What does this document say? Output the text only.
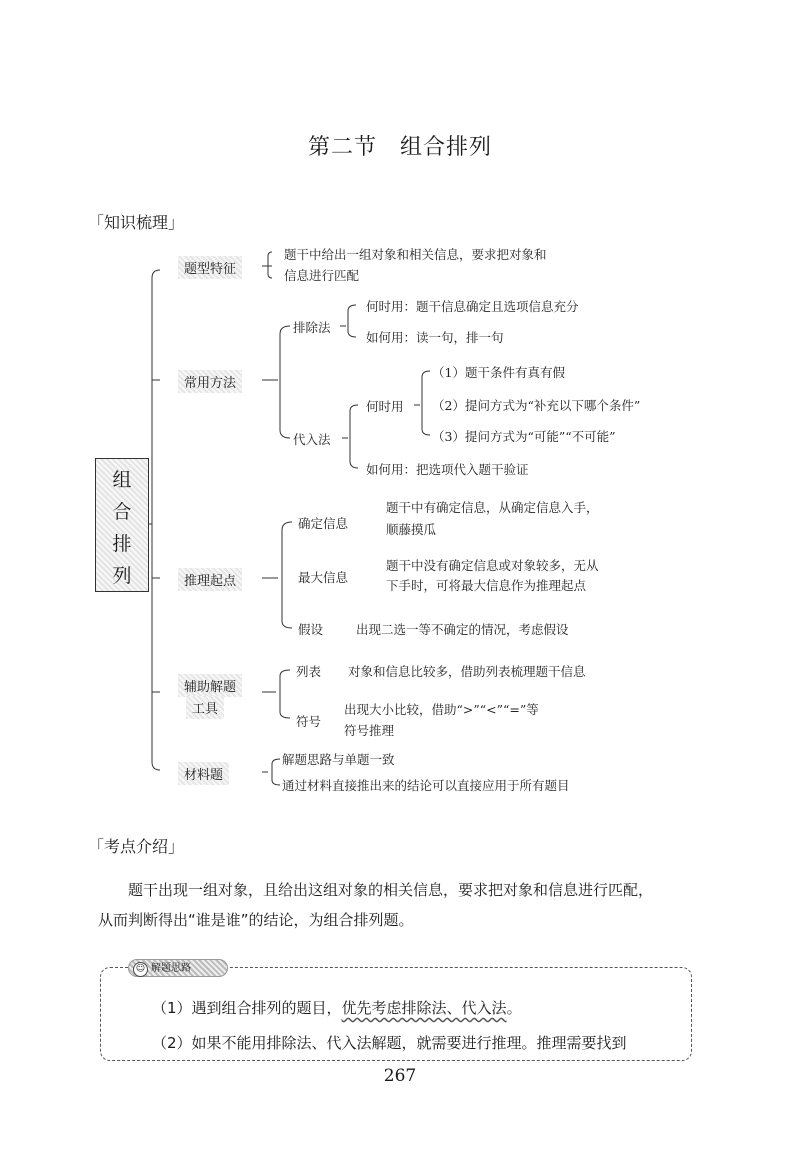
第二节　组合排列
「知识梳理」
组
合
排
列
题型特征
题干中给出一组对象和相关信息，要求把对象和
信息进行匹配
常用方法
排除法
何时用：题干信息确定且选项信息充分
如何用：读一句，排一句
代入法
何时用
（1）题干条件有真有假
（2）提问方式为“补充以下哪个条件”
（3）提问方式为“可能”“不可能”
如何用：把选项代入题干验证
推理起点
确定信息
题干中有确定信息，从确定信息入手，
顺藤摸瓜
最大信息
题干中没有确定信息或对象较多，无从
下手时，可将最大信息作为推理起点
假设	出现二选一等不确定的情况，考虑假设
辅助解题
工具
列表 对象和信息比较多，借助列表梳理题干信息
符号
出现大小比较，借助“>”“<”“=”等
符号推理
材料题
解题思路与单题一致
通过材料直接推出来的结论可以直接应用于所有题目
「考点介绍」
题干出现一组对象，且给出这组对象的相关信息，要求把对象和信息进行匹配，
从而判断得出“谁是谁”的结论，为组合排列题。
☺ 解题思路
（1）遇到组合排列的题目，优先考虑排除法、代入法。
（2）如果不能用排除法、代入法解题，就需要进行推理。推理需要找到
267
